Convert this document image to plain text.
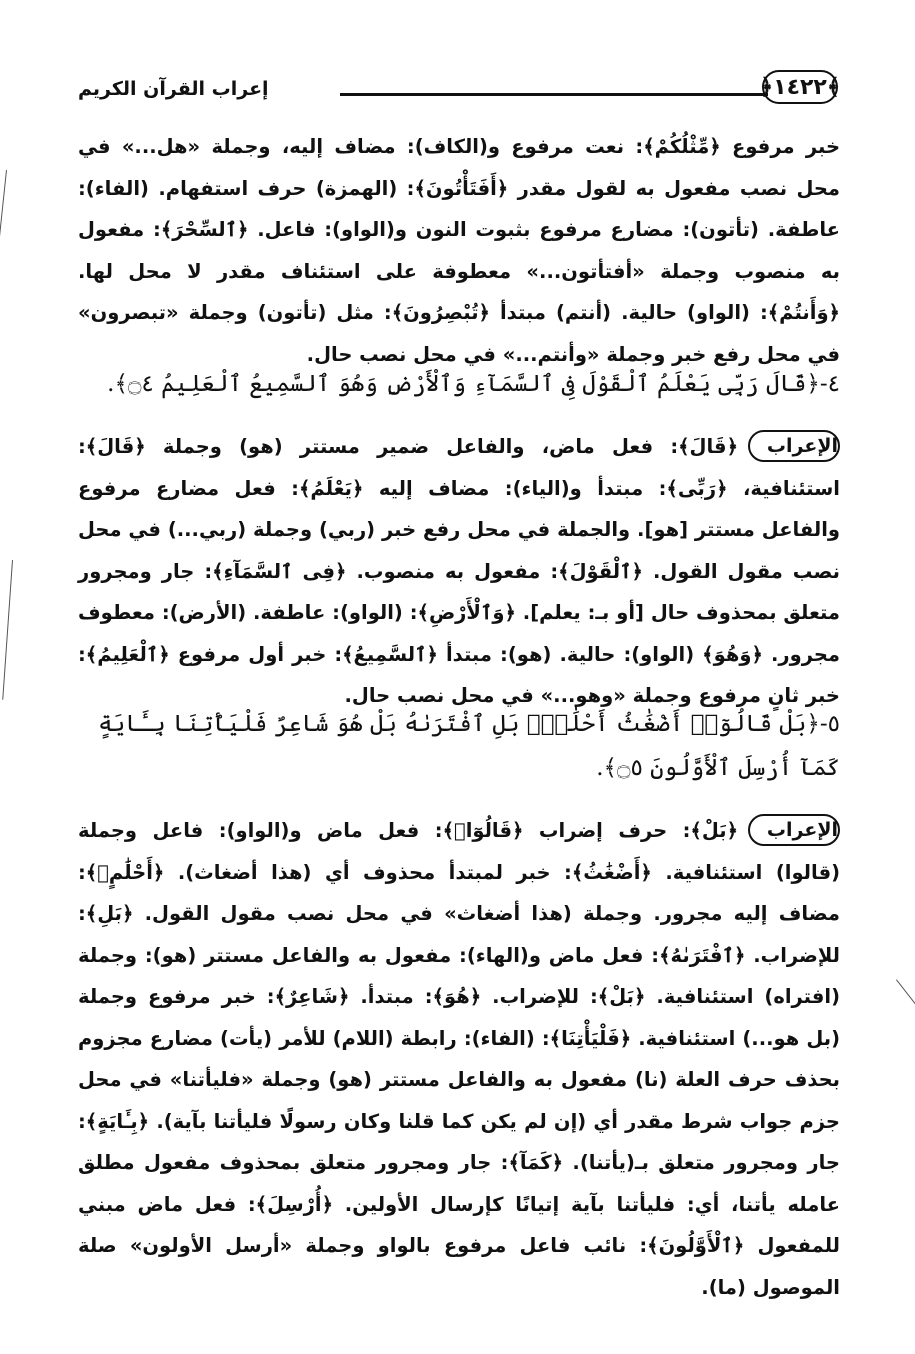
إعراب القرآن الكريم	﴿١٤٢٢﴾
خبر مرفوع ﴿مِّثْلُكُمْ﴾: نعت مرفوع و(الكاف): مضاف إليه، وجملة «هل...» في محل نصب مفعول به لقول مقدر ﴿أَفَتَأْتُونَ﴾: (الهمزة) حرف استفهام. (الفاء): عاطفة. (تأتون): مضارع مرفوع بثبوت النون و(الواو): فاعل. ﴿ٱلسِّحْرَ﴾: مفعول به منصوب وجملة «أفتأتون...» معطوفة على استئناف مقدر لا محل لها. ﴿وَأَنتُمْ﴾: (الواو) حالية. (أنتم) مبتدأ ﴿تُبْصِرُونَ﴾: مثل (تأتون) وجملة «تبصرون» في محل رفع خبر وجملة «وأنتم...» في محل نصب حال.
٤-﴿قَالَ رَبِّى يَعْلَمُ ٱلْقَوْلَ فِى ٱلسَّمَآءِ وَٱلْأَرْضِ وَهُوَ ٱلسَّمِيعُ ٱلْعَلِيمُ ۝٤﴾.
الإعراب
﴿قَالَ﴾: فعل ماض، والفاعل ضمير مستتر (هو) وجملة ﴿قَالَ﴾: استئنافية، ﴿رَبِّى﴾: مبتدأ و(الياء): مضاف إليه ﴿يَعْلَمُ﴾: فعل مضارع مرفوع والفاعل مستتر [هو]. والجملة في محل رفع خبر (ربي) وجملة (ربي...) في محل نصب مقول القول. ﴿ٱلْقَوْلَ﴾: مفعول به منصوب. ﴿فِى ٱلسَّمَآءِ﴾: جار ومجرور متعلق بمحذوف حال [أو بـ: يعلم]. ﴿وَٱلْأَرْضِ﴾: (الواو): عاطفة. (الأرض): معطوف مجرور. ﴿وَهُوَ﴾ (الواو): حالية. (هو): مبتدأ ﴿ٱلسَّمِيعُ﴾: خبر أول مرفوع ﴿ٱلْعَلِيمُ﴾: خبر ثانٍ مرفوع وجملة «وهو...» في محل نصب حال.
٥-﴿بَلْ قَالُوٓا۟ أَضْغَٰثُ أَحْلَٰمٍۭ بَلِ ٱفْتَرَىٰهُ بَلْ هُوَ شَاعِرٌ فَلْيَأْتِنَا بِـَٔايَةٍ كَمَآ أُرْسِلَ ٱلْأَوَّلُونَ ۝٥﴾.
الإعراب
﴿بَلْ﴾: حرف إضراب ﴿قَالُوٓا۟﴾: فعل ماض و(الواو): فاعل وجملة (قالوا) استئنافية. ﴿أَضْغَٰثُ﴾: خبر لمبتدأ محذوف أي (هذا أضغاث). ﴿أَحْلَٰمٍۭ﴾: مضاف إليه مجرور. وجملة (هذا أضغاث» في محل نصب مقول القول. ﴿بَلِ﴾: للإضراب. ﴿ٱفْتَرَىٰهُ﴾: فعل ماض و(الهاء): مفعول به والفاعل مستتر (هو): وجملة (افتراه) استئنافية. ﴿بَلْ﴾: للإضراب. ﴿هُوَ﴾: مبتدأ. ﴿شَاعِرٌ﴾: خبر مرفوع وجملة (بل هو...) استئنافية. ﴿فَلْيَأْتِنَا﴾: (الفاء): رابطة (اللام) للأمر (يأت) مضارع مجزوم بحذف حرف العلة (نا) مفعول به والفاعل مستتر (هو) وجملة «فليأتنا» في محل جزم جواب شرط مقدر أي (إن لم يكن كما قلنا وكان رسولًا فليأتنا بآية). ﴿بِـَٔايَةٍ﴾: جار ومجرور متعلق بـ(يأتنا). ﴿كَمَآ﴾: جار ومجرور متعلق بمحذوف مفعول مطلق عامله يأتنا، أي: فليأتنا بآية إتيانًا كإرسال الأولين. ﴿أُرْسِلَ﴾: فعل ماض مبني للمفعول ﴿ٱلْأَوَّلُونَ﴾: نائب فاعل مرفوع بالواو وجملة «أرسل الأولون» صلة الموصول (ما).
